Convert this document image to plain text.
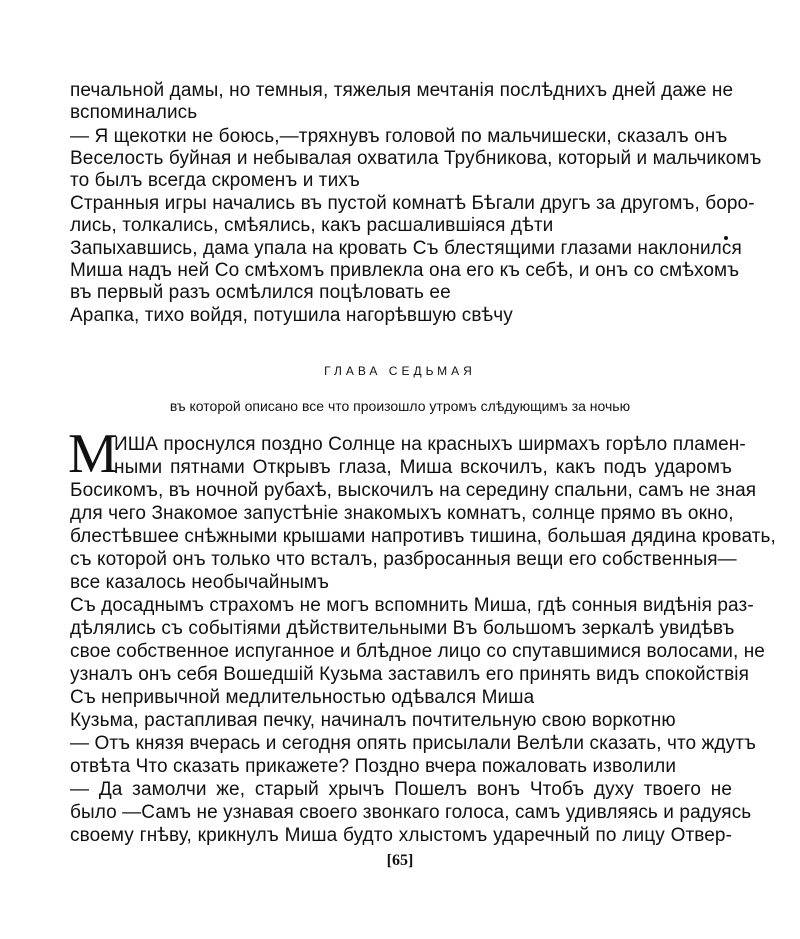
печальной дамы, но темныя, тяжелыя мечтанія послѣднихъ дней даже не
вспоминались
— Я щекотки не боюсь,—тряхнувъ головой по мальчишески, сказалъ онъ
Веселость буйная и небывалая охватила Трубникова, который и мальчикомъ
то былъ всегда скроменъ и тихъ
Странныя игры начались въ пустой комнатѣ Бѣгали другъ за другомъ, боро-
лись, толкались, смѣялись, какъ расшалившіяся дѣти
Запыхавшись, дама упала на кровать Съ блестящими глазами наклонился
Миша надъ ней Со смѣхомъ привлекла она его къ себѣ, и онъ со смѣхомъ
въ первый разъ осмѣлился поцѣловать ее
Арапка, тихо войдя, потушила нагорѣвшую свѣчу
ГЛАВА СЕДЬМАЯ
въ которой описано все что произошло утромъ слѣдующимъ за ночью
М
ИША проснулся поздно Солнце на красныхъ ширмахъ горѣло пламен-
ными пятнами Открывъ глаза, Миша вскочилъ, какъ подъ ударомъ
Босикомъ, въ ночной рубахѣ, выскочилъ на середину спальни, самъ не зная
для чего Знакомое запустѣніе знакомыхъ комнатъ, солнце прямо въ окно,
блестѣвшее снѣжными крышами напротивъ тишина, большая дядина кровать,
съ которой онъ только что всталъ, разбросанныя вещи его собственныя—
все казалось необычайнымъ
Съ досаднымъ страхомъ не могъ вспомнить Миша, гдѣ сонныя видѣнія раз-
дѣлялись съ событіями дѣйствительными Въ большомъ зеркалѣ увидѣвъ
свое собственное испуганное и блѣдное лицо со спутавшимися волосами, не
узналъ онъ себя Вошедшій Кузьма заставилъ его принять видъ спокойствія
Съ непривычной медлительностью одѣвался Миша
Кузьма, растапливая печку, начиналъ почтительную свою воркотню
— Отъ князя вчерась и сегодня опять присылали Велѣли сказать, что ждутъ
отвѣта Что сказать прикажете? Поздно вчера пожаловать изволили
— Да замолчи же, старый хрычъ Пошелъ вонъ Чтобъ духу твоего не
было —Самъ не узнавая своего звонкаго голоса, самъ удивляясь и радуясь
своему гнѣву, крикнулъ Миша будто хлыстомъ ударечный по лицу Отвер-
[65]
